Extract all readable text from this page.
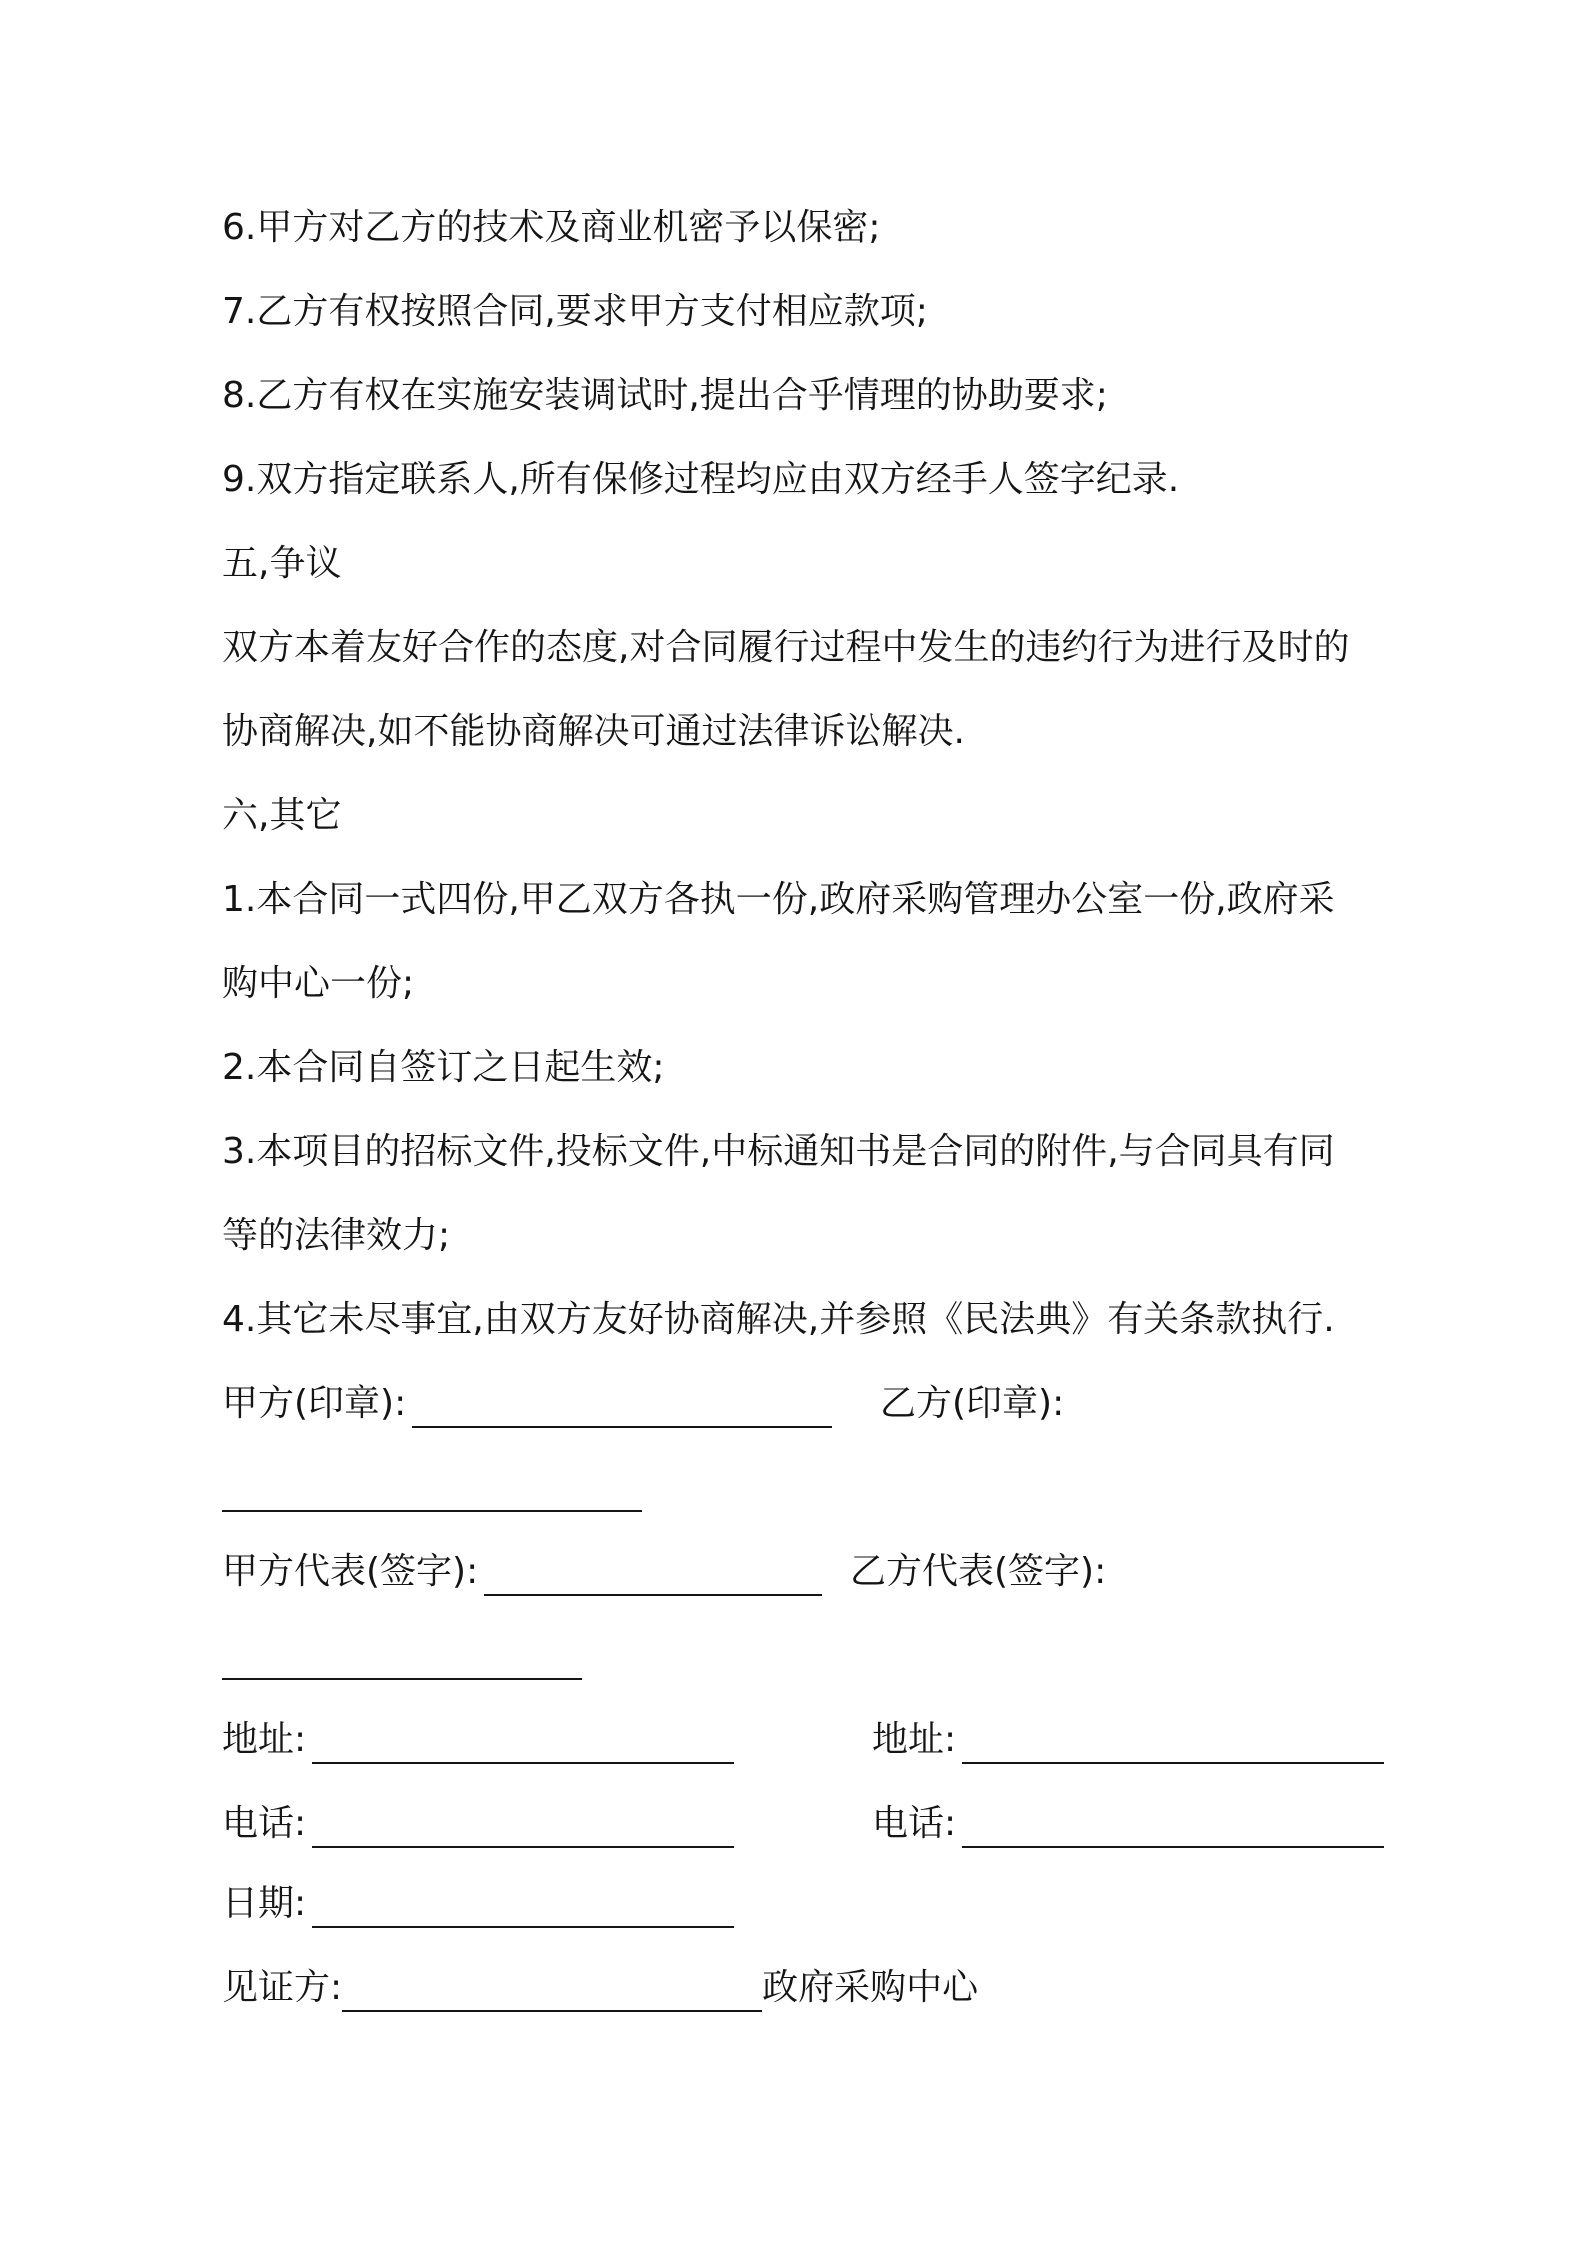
6.甲方对乙方的技术及商业机密予以保密;

7.乙方有权按照合同,要求甲方支付相应款项;

8.乙方有权在实施安装调试时,提出合乎情理的协助要求;

9.双方指定联系人,所有保修过程均应由双方经手人签字纪录.

五,争议

双方本着友好合作的态度,对合同履行过程中发生的违约行为进行及时的

协商解决,如不能协商解决可通过法律诉讼解决.

六,其它

1.本合同一式四份,甲乙双方各执一份,政府采购管理办公室一份,政府采

购中心一份;

2.本合同自签订之日起生效;

3.本项目的招标文件,投标文件,中标通知书是合同的附件,与合同具有同

等的法律效力;

4.其它未尽事宜,由双方友好协商解决,并参照《民法典》有关条款执行.

甲方(印章):	乙方(印章):

甲方代表(签字):	乙方代表(签字):

地址:	地址:

电话:	电话:

日期:

见证方:	政府采购中心
